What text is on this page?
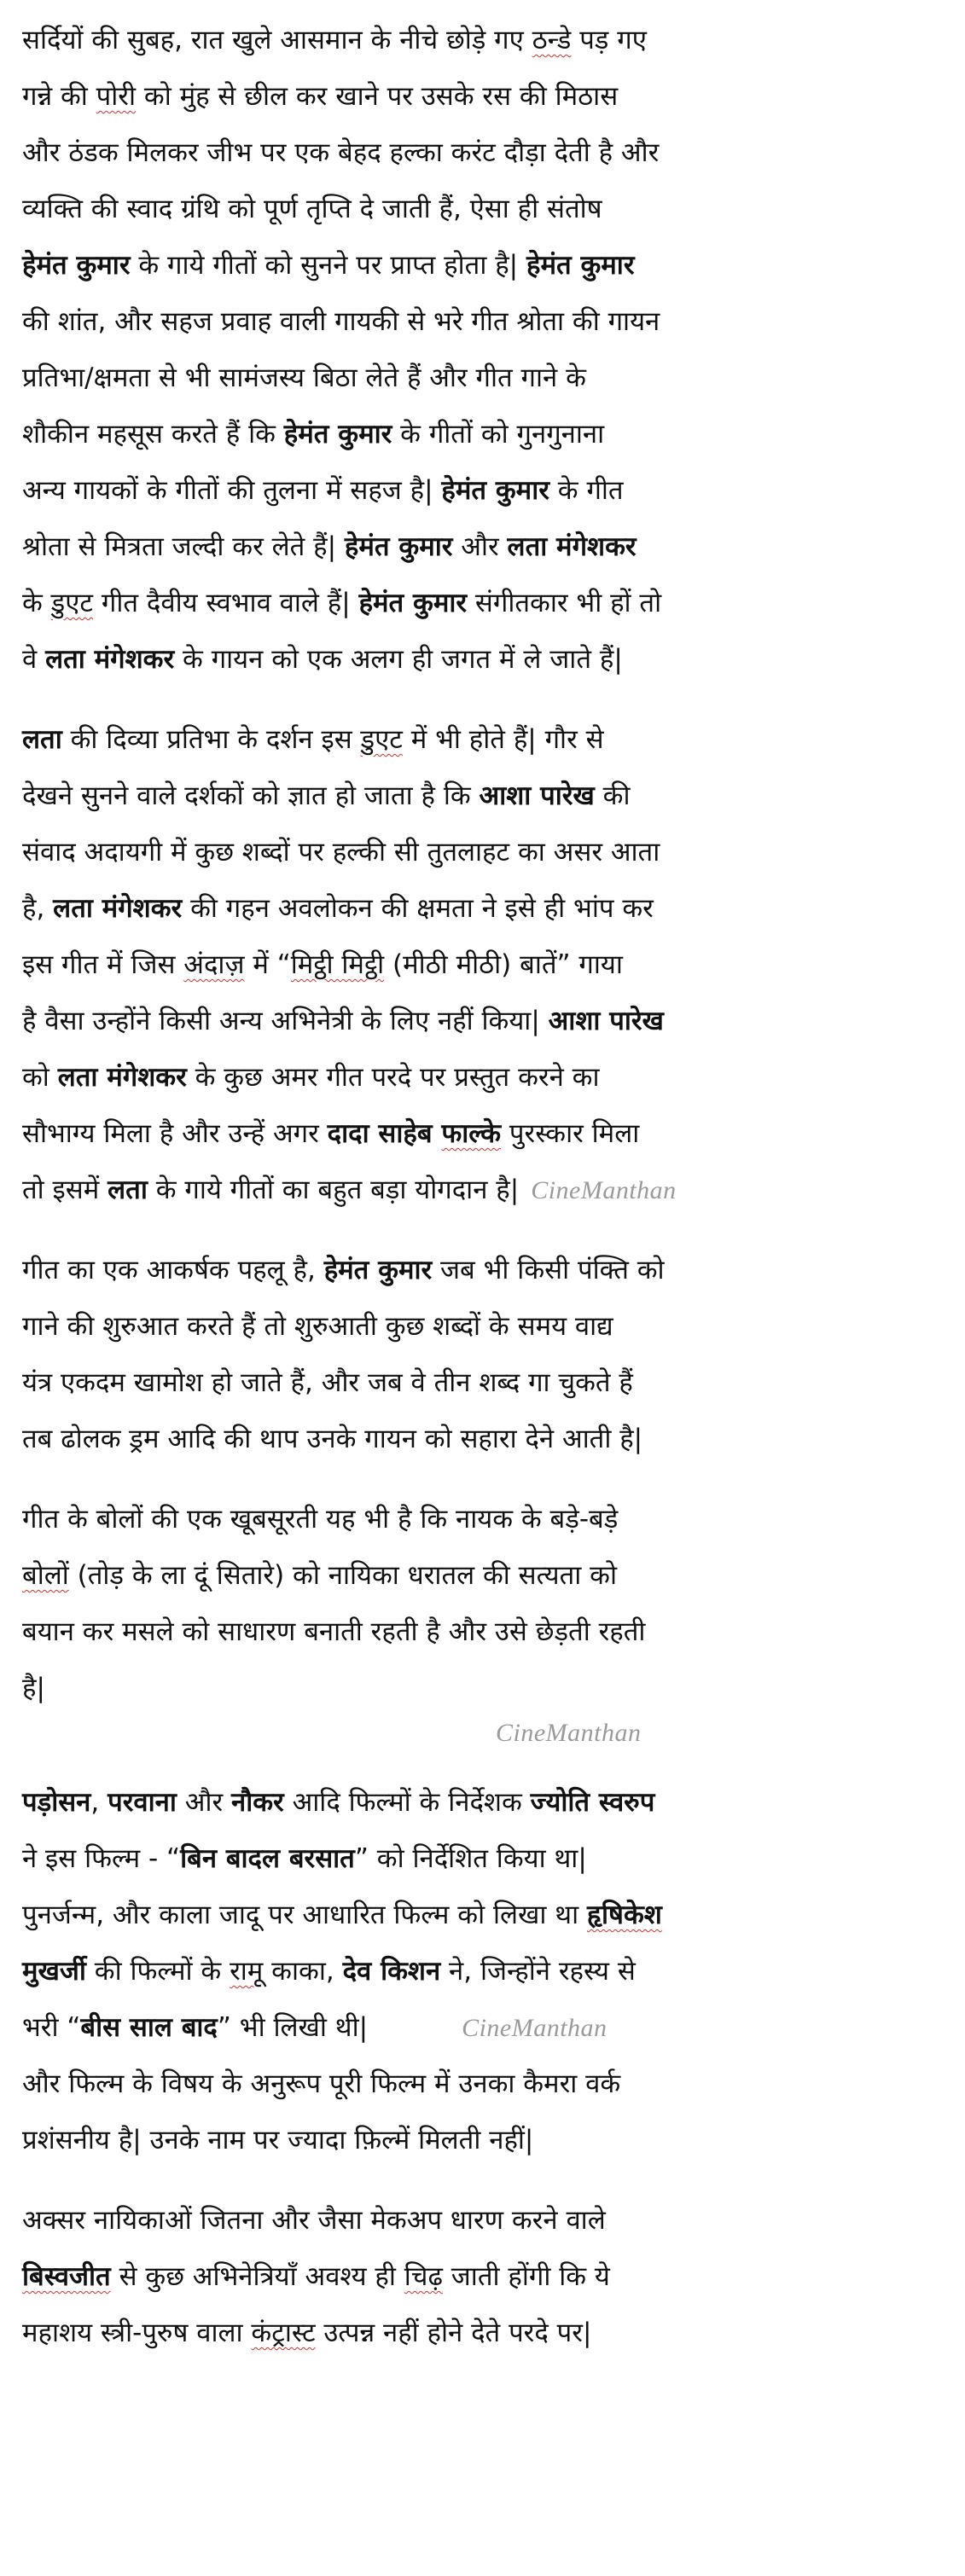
सर्दियों की सुबह, रात खुले आसमान के नीचे छोड़े गए ठन्डे पड़ गए
गन्ने की पोरी को मुंह से छील कर खाने पर उसके रस की मिठास
और ठंडक मिलकर जीभ पर एक बेहद हल्का करंट दौड़ा देती है और
व्यक्ति की स्वाद ग्रंथि को पूर्ण तृप्ति दे जाती हैं, ऐसा ही संतोष
हेमंत कुमार के गाये गीतों को सुनने पर प्राप्त होता है| हेमंत कुमार
की शांत, और सहज प्रवाह वाली गायकी से भरे गीत श्रोता की गायन
प्रतिभा/क्षमता से भी सामंजस्य बिठा लेते हैं और गीत गाने के
शौकीन महसूस करते हैं कि हेमंत कुमार के गीतों को गुनगुनाना
अन्य गायकों के गीतों की तुलना में सहज है| हेमंत कुमार के गीत
श्रोता से मित्रता जल्दी कर लेते हैं| हेमंत कुमार और लता मंगेशकर
के डुएट गीत दैवीय स्वभाव वाले हैं| हेमंत कुमार संगीतकार भी हों तो
वे लता मंगेशकर के गायन को एक अलग ही जगत में ले जाते हैं|
लता की दिव्या प्रतिभा के दर्शन इस डुएट में भी होते हैं| गौर से
देखने सुनने वाले दर्शकों को ज्ञात हो जाता है कि आशा पारेख की
संवाद अदायगी में कुछ शब्दों पर हल्की सी तुतलाहट का असर आता
है, लता मंगेशकर की गहन अवलोकन की क्षमता ने इसे ही भांप कर
इस गीत में जिस अंदाज़ में “मिट्ठी मिट्ठी (मीठी मीठी) बातें” गाया
है वैसा उन्होंने किसी अन्य अभिनेत्री के लिए नहीं किया| आशा पारेख
को लता मंगेशकर के कुछ अमर गीत परदे पर प्रस्तुत करने का
सौभाग्य मिला है और उन्हें अगर दादा साहेब फाल्के पुरस्कार मिला
तो इसमें लता के गाये गीतों का बहुत बड़ा योगदान है| CineManthan
गीत का एक आकर्षक पहलू है, हेमंत कुमार जब भी किसी पंक्ति को
गाने की शुरुआत करते हैं तो शुरुआती कुछ शब्दों के समय वाद्य
यंत्र एकदम खामोश हो जाते हैं, और जब वे तीन शब्द गा चुकते हैं
तब ढोलक ड्रम आदि की थाप उनके गायन को सहारा देने आती है|
गीत के बोलों की एक खूबसूरती यह भी है कि नायक के बड़े-बड़े
बोलों (तोड़ के ला दूं सितारे) को नायिका धरातल की सत्यता को
बयान कर मसले को साधारण बनाती रहती है और उसे छेड़ती रहती
है|
CineManthan
पड़ोसन, परवाना और नौकर आदि फिल्मों के निर्देशक ज्योति स्वरुप
ने इस फिल्म - “बिन बादल बरसात” को निर्देशित किया था|
पुनर्जन्म, और काला जादू पर आधारित फिल्म को लिखा था हृषिकेश
मुखर्जी की फिल्मों के रामू काका, देव किशन ने, जिन्होंने रहस्य से
भरी “बीस साल बाद” भी लिखी थी|	CineManthan
और फिल्म के विषय के अनुरूप पूरी फिल्म में उनका कैमरा वर्क
प्रशंसनीय है| उनके नाम पर ज्यादा फ़िल्में मिलती नहीं|
अक्सर नायिकाओं जितना और जैसा मेकअप धारण करने वाले
बिस्वजीत से कुछ अभिनेत्रियाँ अवश्य ही चिढ़ जाती होंगी कि ये
महाशय स्त्री-पुरुष वाला कंट्रास्ट उत्पन्न नहीं होने देते परदे पर|
